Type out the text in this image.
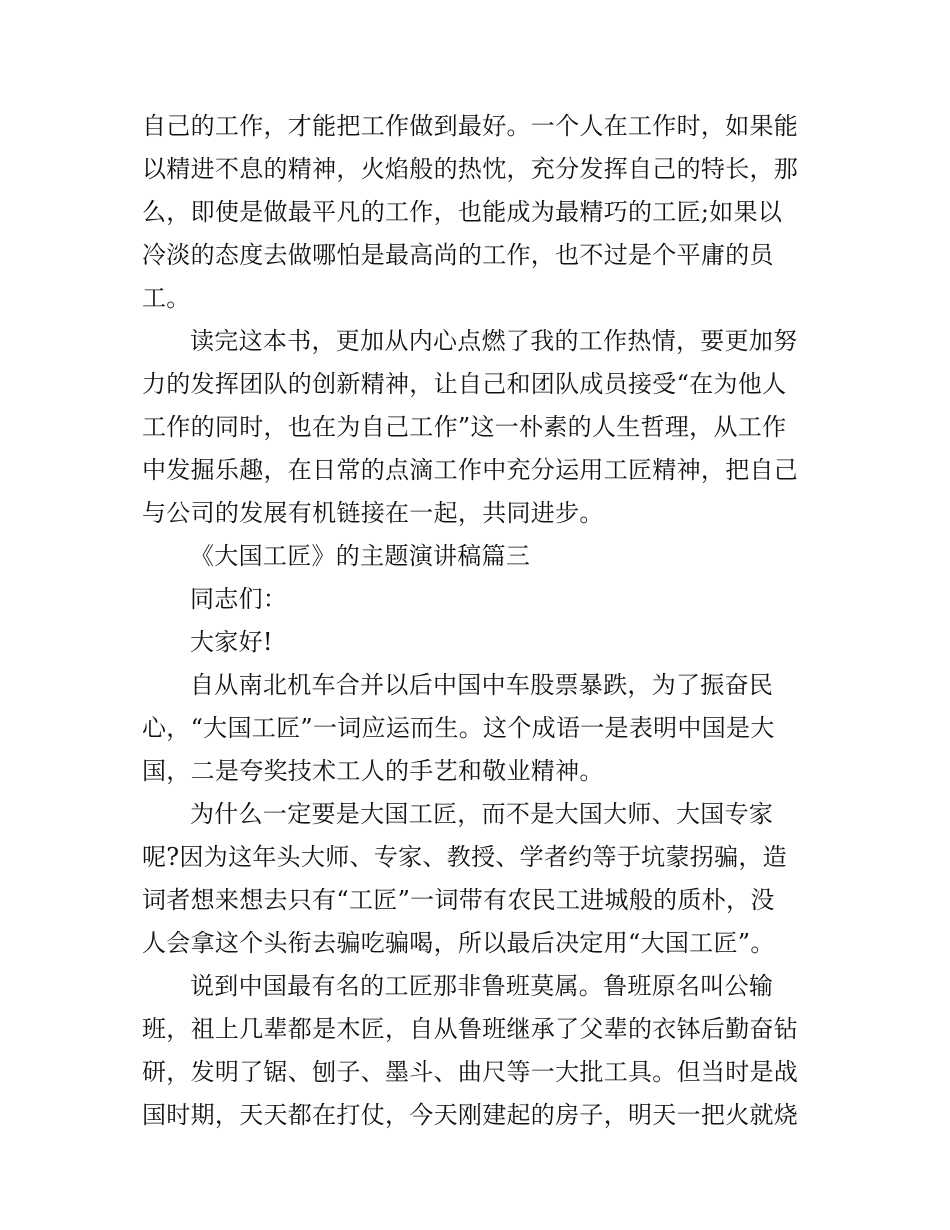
自己的工作，才能把工作做到最好。一个人在工作时，如果能
以精进不息的精神，火焰般的热忱，充分发挥自己的特长，那
么，即使是做最平凡的工作，也能成为最精巧的工匠;如果以
冷淡的态度去做哪怕是最高尚的工作，也不过是个平庸的员
工。
读完这本书，更加从内心点燃了我的工作热情，要更加努
力的发挥团队的创新精神，让自己和团队成员接受“在为他人
工作的同时，也在为自己工作”这一朴素的人生哲理，从工作
中发掘乐趣，在日常的点滴工作中充分运用工匠精神，把自己
与公司的发展有机链接在一起，共同进步。
《大国工匠》的主题演讲稿篇三
同志们：
大家好!
自从南北机车合并以后中国中车股票暴跌，为了振奋民
心，“大国工匠”一词应运而生。这个成语一是表明中国是大
国，二是夸奖技术工人的手艺和敬业精神。
为什么一定要是大国工匠，而不是大国大师、大国专家
呢?因为这年头大师、专家、教授、学者约等于坑蒙拐骗，造
词者想来想去只有“工匠”一词带有农民工进城般的质朴，没
人会拿这个头衔去骗吃骗喝，所以最后决定用“大国工匠”。
说到中国最有名的工匠那非鲁班莫属。鲁班原名叫公输
班，祖上几辈都是木匠，自从鲁班继承了父辈的衣钵后勤奋钻
研，发明了锯、刨子、墨斗、曲尺等一大批工具。但当时是战
国时期，天天都在打仗，今天刚建起的房子，明天一把火就烧
